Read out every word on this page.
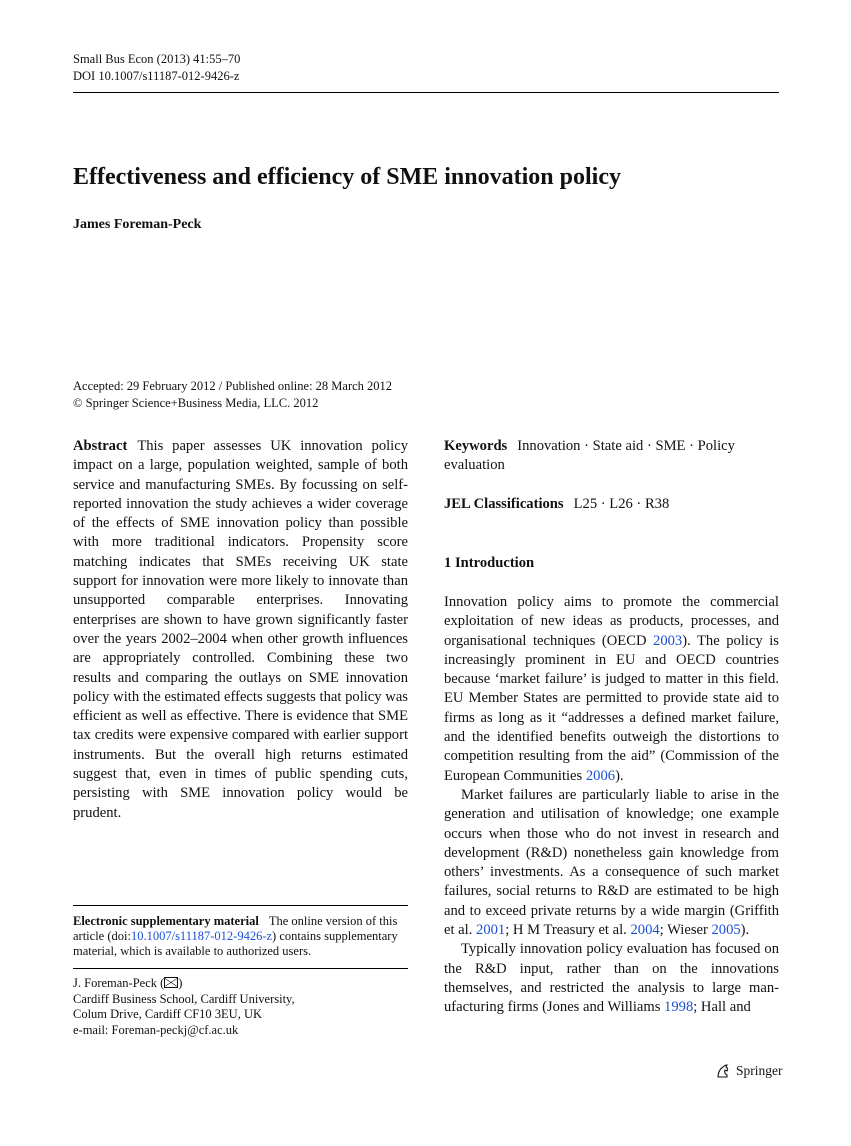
Small Bus Econ (2013) 41:55–70
DOI 10.1007/s11187-012-9426-z
Effectiveness and efficiency of SME innovation policy
James Foreman-Peck
Accepted: 29 February 2012 / Published online: 28 March 2012
© Springer Science+Business Media, LLC. 2012
Abstract This paper assesses UK innovation policy impact on a large, population weighted, sample of both service and manufacturing SMEs. By focussing on self-reported innovation the study achieves a wider coverage of the effects of SME innovation policy than possible with more traditional indicators. Propensity score matching indicates that SMEs receiving UK state support for innovation were more likely to innovate than unsupported comparable enterprises. Innovating enterprises are shown to have grown significantly faster over the years 2002–2004 when other growth influences are appropriately controlled. Combining these two results and comparing the outlays on SME innovation policy with the estimated effects suggests that policy was efficient as well as effective. There is evidence that SME tax credits were expensive compared with earlier support instruments. But the overall high returns estimated suggest that, even in times of public spending cuts, persisting with SME innovation policy would be prudent.
Keywords Innovation · State aid · SME · Policy evaluation
JEL Classifications L25 · L26 · R38
1 Introduction

Innovation policy aims to promote the commercial exploitation of new ideas as products, processes, and organisational techniques (OECD 2003). The policy is increasingly prominent in EU and OECD countries because ‘market failure’ is judged to matter in this field. EU Member States are permitted to provide state aid to firms as long as it “addresses a defined market failure, and the identified benefits outweigh the distortions to competition resulting from the aid” (Commission of the European Communities 2006).

Market failures are particularly liable to arise in the generation and utilisation of knowledge; one example occurs when those who do not invest in research and development (R&D) nonetheless gain knowledge from others’ investments. As a consequence of such market failures, social returns to R&D are estimated to be high and to exceed private returns by a wide margin (Griffith et al. 2001; H M Treasury et al. 2004; Wieser 2005).

Typically innovation policy evaluation has focused on the R&D input, rather than on the innovations themselves, and restricted the analysis to large man-ufacturing firms (Jones and Williams 1998; Hall and

Electronic supplementary material The online version of this article (doi:10.1007/s11187-012-9426-z) contains supplementary material, which is available to authorized users.
J. Foreman-Peck ( )
Cardiff Business School, Cardiff University,
Colum Drive, Cardiff CF10 3EU, UK
e-mail: Foreman-peckj@cf.ac.uk
Springer
